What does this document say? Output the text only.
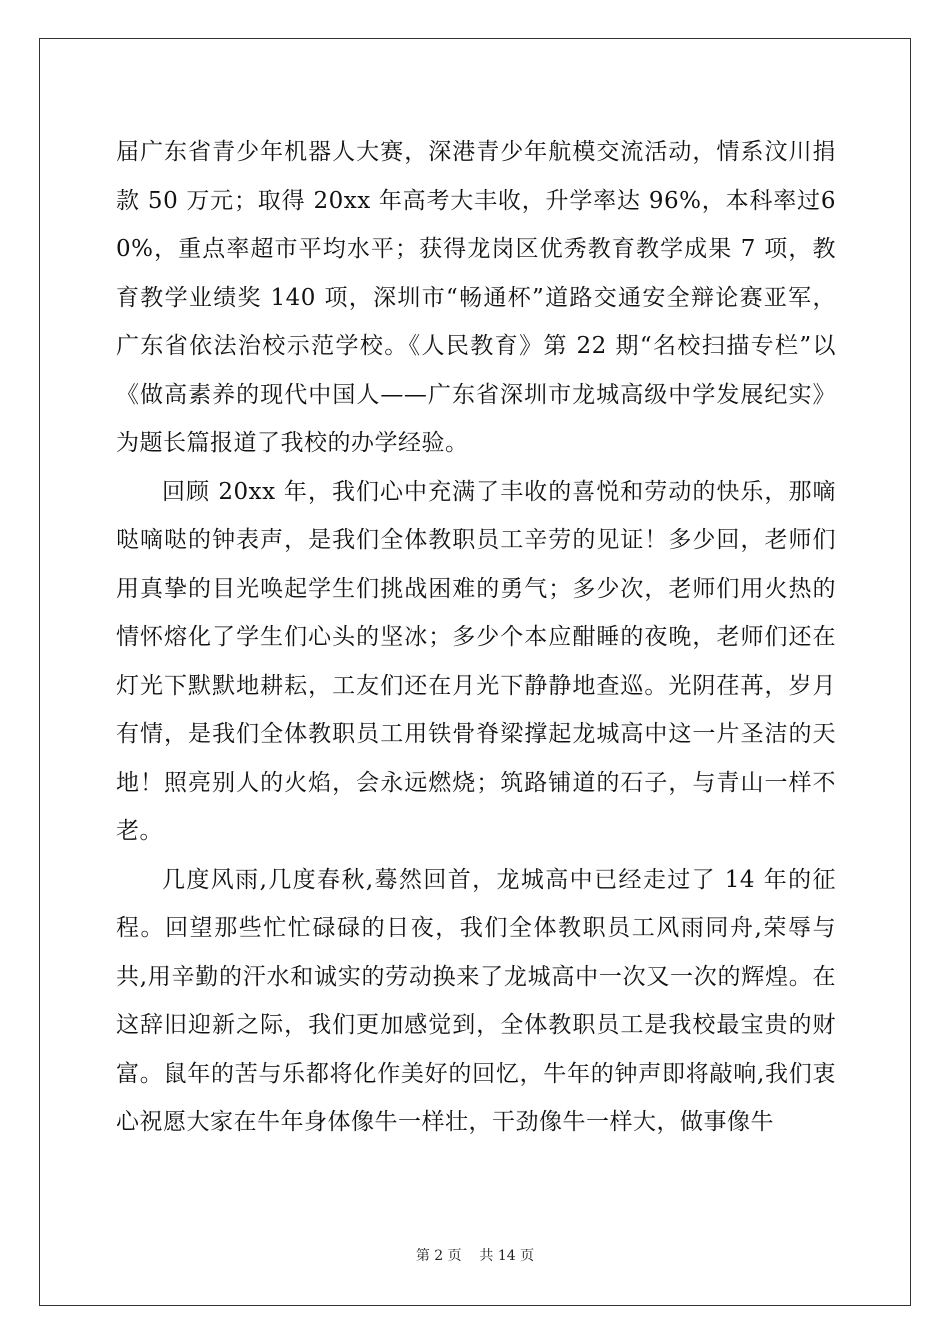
届广东省青少年机器人大赛，深港青少年航模交流活动，情系汶川捐款 50 万元；取得 20xx 年高考大丰收，升学率达 96%，本科率过60%，重点率超市平均水平；获得龙岗区优秀教育教学成果 7 项，教育教学业绩奖 140 项，深圳市“畅通杯”道路交通安全辩论赛亚军，广东省依法治校示范学校。《人民教育》第 22 期“名校扫描专栏”以《做高素养的现代中国人——广东省深圳市龙城高级中学发展纪实》为题长篇报道了我校的办学经验。

回顾 20xx 年，我们心中充满了丰收的喜悦和劳动的快乐，那嘀哒嘀哒的钟表声，是我们全体教职员工辛劳的见证！多少回，老师们用真挚的目光唤起学生们挑战困难的勇气；多少次，老师们用火热的情怀熔化了学生们心头的坚冰；多少个本应酣睡的夜晚，老师们还在灯光下默默地耕耘，工友们还在月光下静静地查巡。光阴荏苒，岁月有情，是我们全体教职员工用铁骨脊梁撑起龙城高中这一片圣洁的天地！照亮别人的火焰，会永远燃烧；筑路铺道的石子，与青山一样不老。

几度风雨,几度春秋,蓦然回首，龙城高中已经走过了 14 年的征程。回望那些忙忙碌碌的日夜，我们全体教职员工风雨同舟,荣辱与共,用辛勤的汗水和诚实的劳动换来了龙城高中一次又一次的辉煌。在这辞旧迎新之际，我们更加感觉到，全体教职员工是我校最宝贵的财富。鼠年的苦与乐都将化作美好的回忆，牛年的钟声即将敲响,我们衷心祝愿大家在牛年身体像牛一样壮，干劲像牛一样大，做事像牛

第 2 页    共 14 页
